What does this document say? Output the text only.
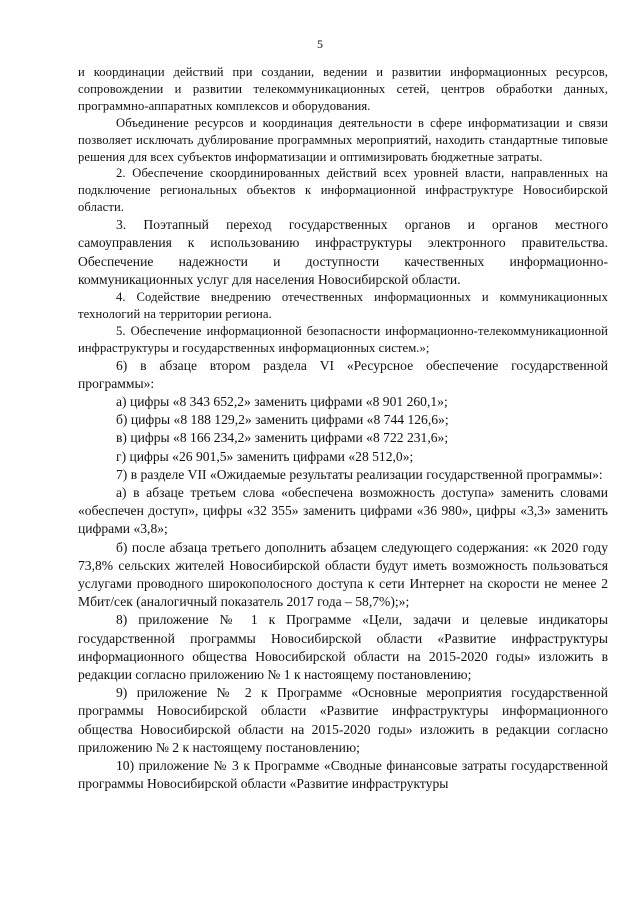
5

и координации действий при создании, ведении и развитии информационных ресурсов, сопровождении и развитии телекоммуникационных сетей, центров обработки данных, программно-аппаратных комплексов и оборудования.

Объединение ресурсов и координация деятельности в сфере информатизации и связи позволяет исключать дублирование программных мероприятий, находить стандартные типовые решения для всех субъектов информатизации и оптимизировать бюджетные затраты.

2. Обеспечение скоординированных действий всех уровней власти, направленных на подключение региональных объектов к информационной инфраструктуре Новосибирской области.

3. Поэтапный переход государственных органов и органов местного самоуправления к использованию инфраструктуры электронного правительства. Обеспечение надежности и доступности качественных информационно-коммуникационных услуг для населения Новосибирской области.

4. Содействие внедрению отечественных информационных и коммуникационных технологий на территории региона.

5. Обеспечение информационной безопасности информационно-телекоммуникационной инфраструктуры и государственных информационных систем.»;

6) в абзаце втором раздела VI «Ресурсное обеспечение государственной программы»:

а) цифры «8 343 652,2» заменить цифрами «8 901 260,1»;

б) цифры «8 188 129,2» заменить цифрами «8 744 126,6»;

в) цифры «8 166 234,2» заменить цифрами «8 722 231,6»;

г) цифры «26 901,5» заменить цифрами «28 512,0»;

7) в разделе VII «Ожидаемые результаты реализации государственной программы»:

а) в абзаце третьем слова «обеспечена возможность доступа» заменить словами «обеспечен доступ», цифры «32 355» заменить цифрами «36 980», цифры «3,3» заменить цифрами «3,8»;

б) после абзаца третьего дополнить абзацем следующего содержания: «к 2020 году 73,8% сельских жителей Новосибирской области будут иметь возможность пользоваться услугами проводного широкополосного доступа к сети Интернет на скорости не менее 2 Мбит/сек (аналогичный показатель 2017 года – 58,7%);»;

8) приложение № 1 к Программе «Цели, задачи и целевые индикаторы государственной программы Новосибирской области «Развитие инфраструктуры информационного общества Новосибирской области на 2015-2020 годы» изложить в редакции согласно приложению № 1 к настоящему постановлению;

9) приложение № 2 к Программе «Основные мероприятия государственной программы Новосибирской области «Развитие инфраструктуры информационного общества Новосибирской области на 2015-2020 годы» изложить в редакции согласно приложению № 2 к настоящему постановлению;

10) приложение № 3 к Программе «Сводные финансовые затраты государственной программы Новосибирской области «Развитие инфраструктуры
